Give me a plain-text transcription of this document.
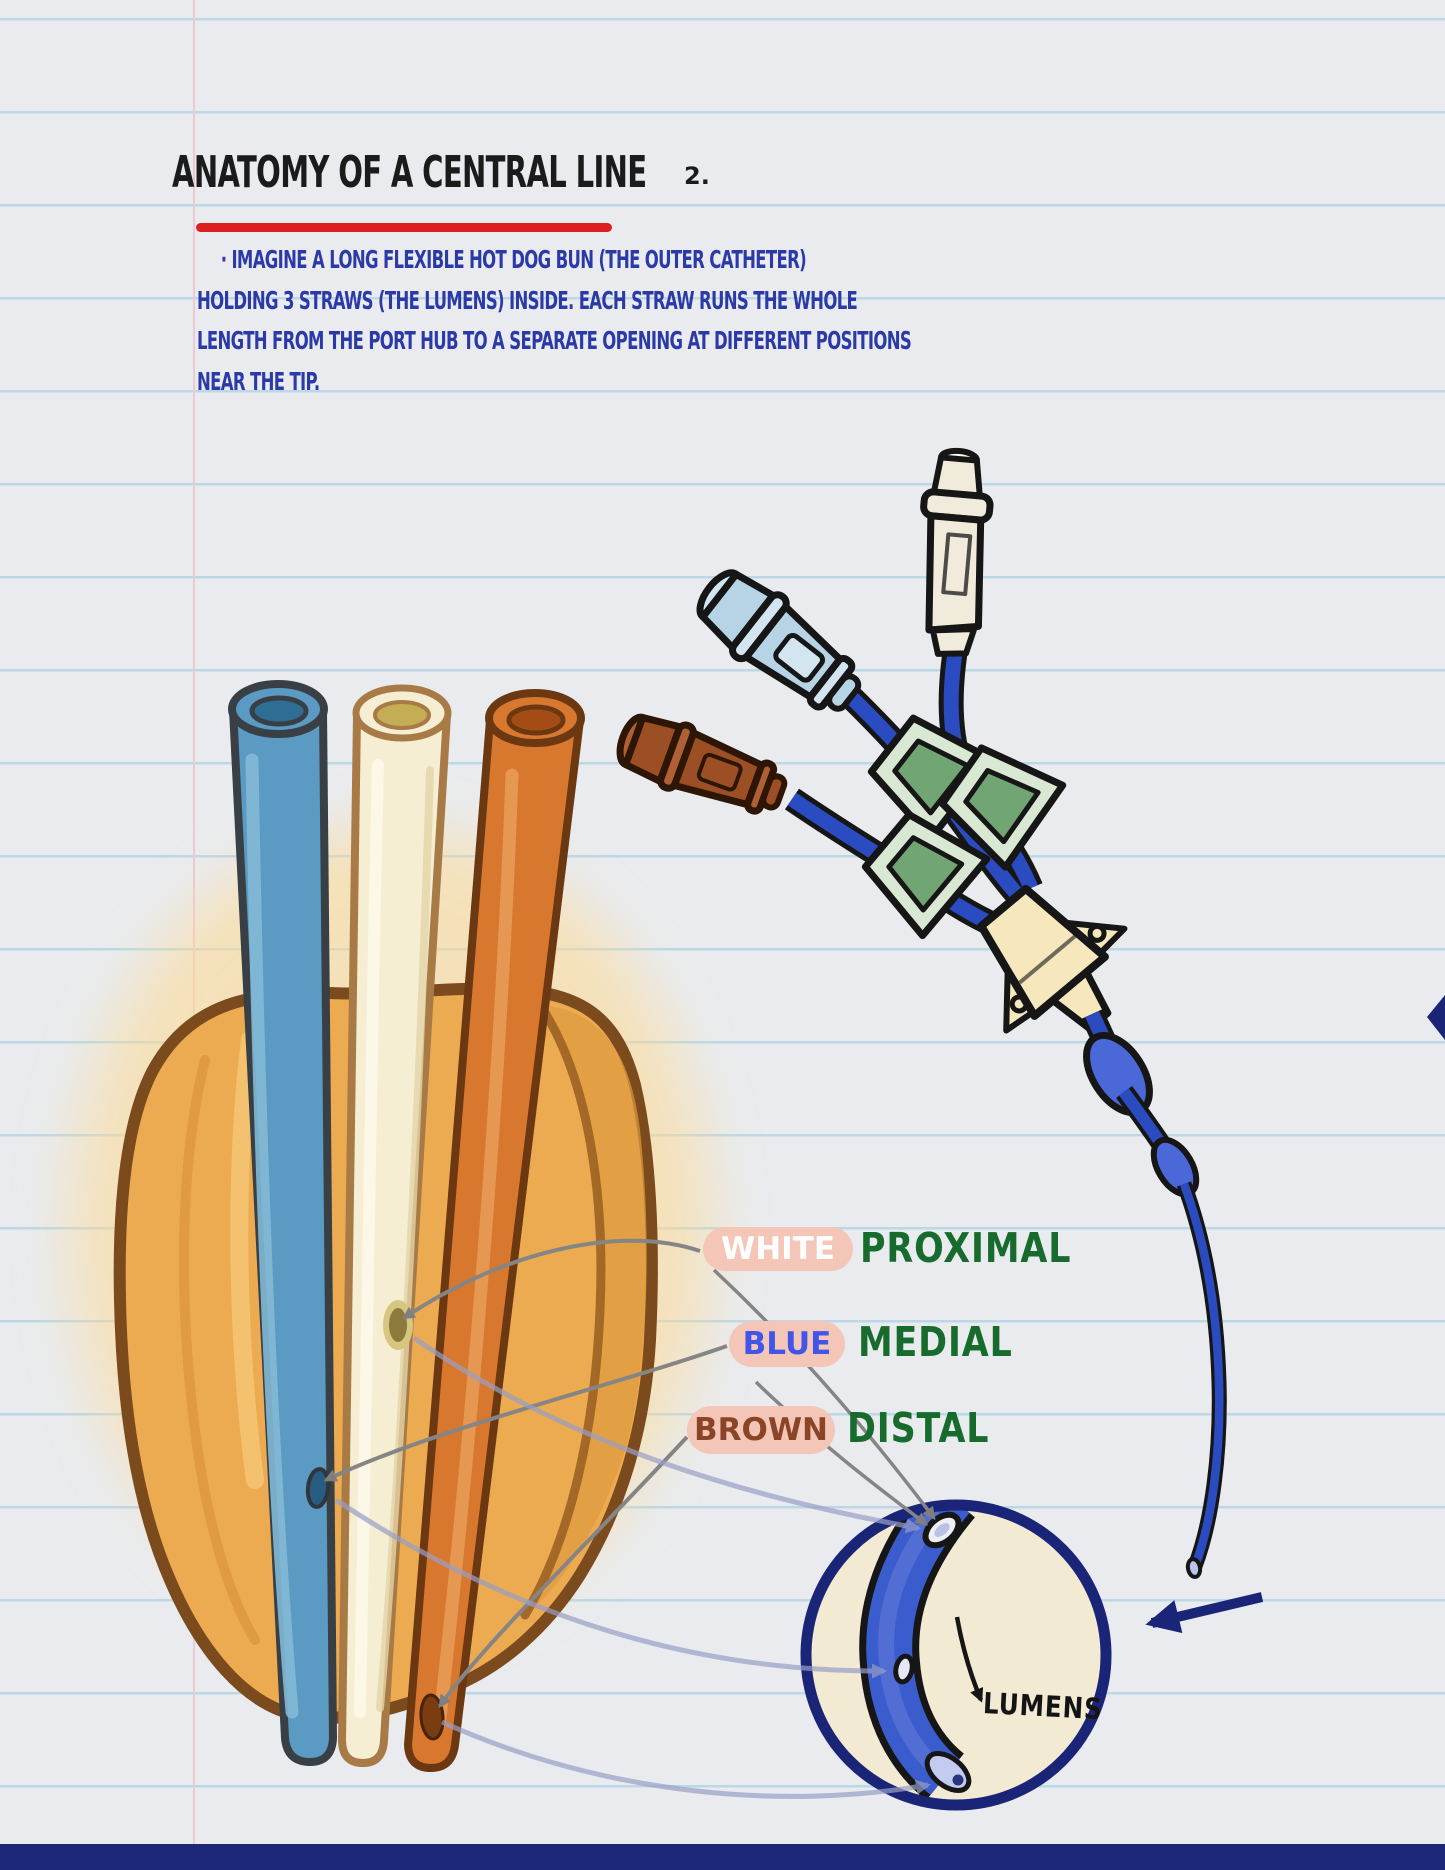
ANATOMY OF A CENTRAL LINE 2.
· IMAGINE A LONG FLEXIBLE HOT DOG BUN (THE OUTER CATHETER)
HOLDING 3 STRAWS (THE LUMENS) INSIDE. EACH STRAW RUNS THE WHOLE
LENGTH FROM THE PORT HUB TO A SEPARATE OPENING AT DIFFERENT POSITIONS
NEAR THE TIP.
WHITE PROXIMAL
BLUE MEDIAL
BROWN DISTAL
LUMENS
